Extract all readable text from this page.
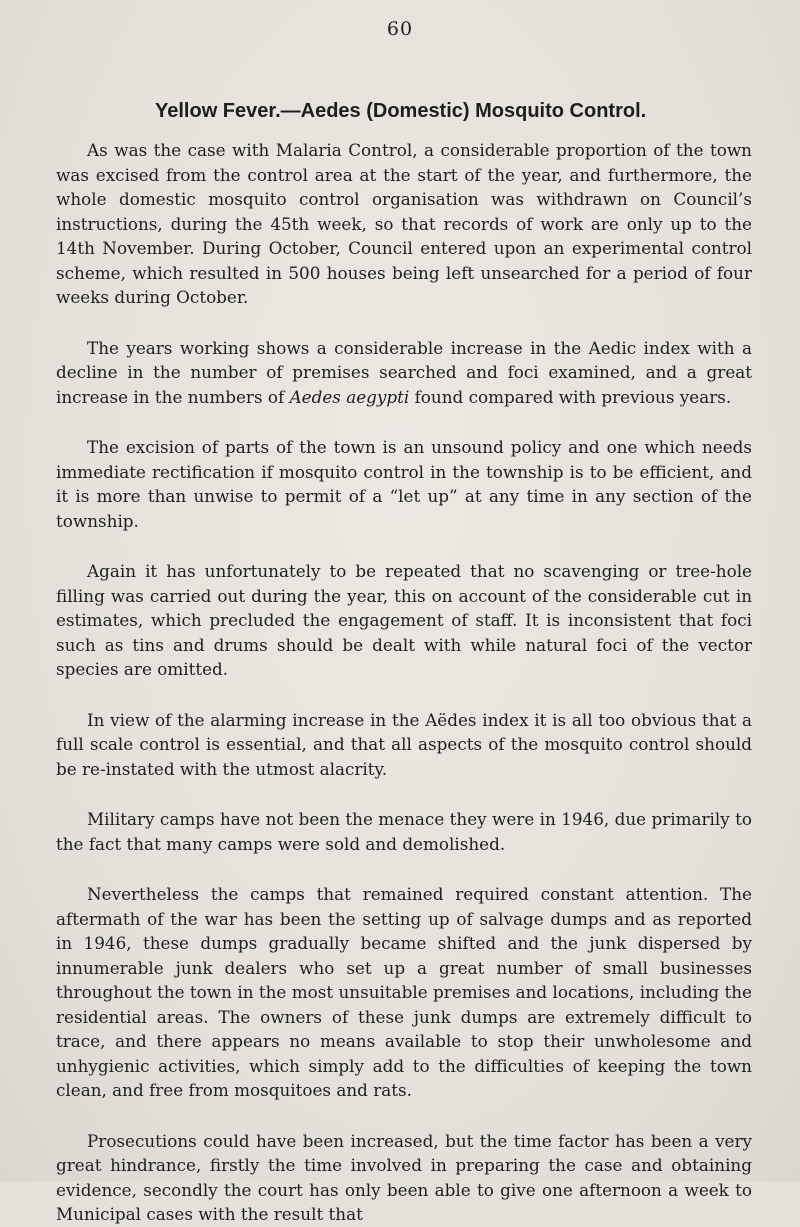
60
Yellow Fever.—Aedes (Domestic) Mosquito Control.

As was the case with Malaria Control, a considerable proportion of the town was excised from the control area at the start of the year, and furthermore, the whole domestic mosquito control organisation was withdrawn on Council’s instructions, during the 45th week, so that records of work are only up to the 14th November. During October, Council entered upon an experimental control scheme, which resulted in 500 houses being left unsearched for a period of four weeks during October.

The years working shows a considerable increase in the Aedic index with a decline in the number of premises searched and foci examined, and a great increase in the numbers of Aedes aegypti found compared with previous years.

The excision of parts of the town is an unsound policy and one which needs immediate rectification if mosquito control in the township is to be efficient, and it is more than unwise to permit of a “let up” at any time in any section of the township.

Again it has unfortunately to be repeated that no scavenging or tree-hole filling was carried out during the year, this on account of the considerable cut in estimates, which precluded the engagement of staff. It is inconsistent that foci such as tins and drums should be dealt with while natural foci of the vector species are omitted.

In view of the alarming increase in the Aëdes index it is all too obvious that a full scale control is essential, and that all aspects of the mosquito control should be re-instated with the utmost alacrity.

Military camps have not been the menace they were in 1946, due primarily to the fact that many camps were sold and demolished.

Nevertheless the camps that remained required constant attention. The aftermath of the war has been the setting up of salvage dumps and as reported in 1946, these dumps gradually became shifted and the junk dispersed by innumerable junk dealers who set up a great number of small businesses throughout the town in the most unsuitable premises and locations, including the residential areas. The owners of these junk dumps are extremely difficult to trace, and there appears no means available to stop their unwholesome and unhygienic activities, which simply add to the difficulties of keeping the town clean, and free from mosquitoes and rats.

Prosecutions could have been increased, but the time factor has been a very great hindrance, firstly the time involved in preparing the case and obtaining evidence, secondly the court has only been able to give one afternoon a week to Municipal cases with the result that
